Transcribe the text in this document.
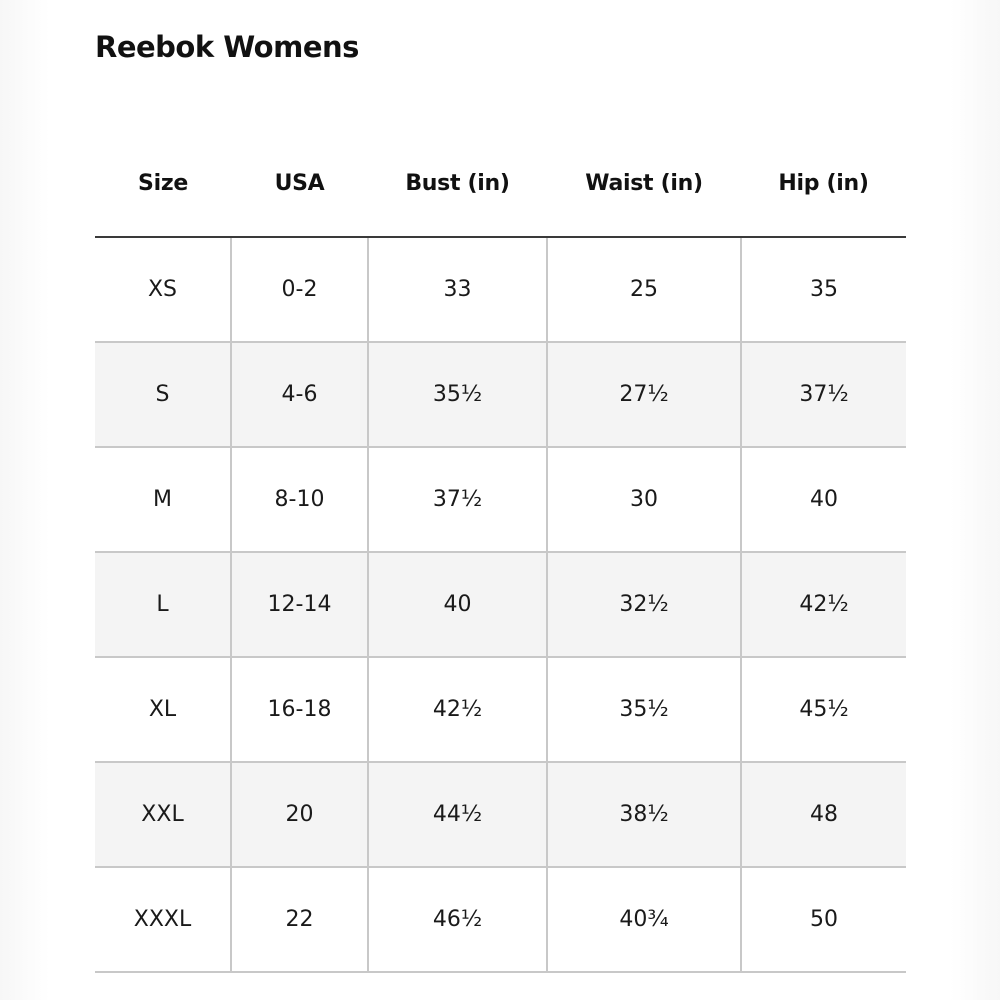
Reebok Womens
Size	USA	Bust (in)	Waist (in)	Hip (in)
XS	0-2	33	25	35
S	4-6	35½	27½	37½
M	8-10	37½	30	40
L	12-14	40	32½	42½
XL	16-18	42½	35½	45½
XXL	20	44½	38½	48
XXXL	22	46½	40¾	50
